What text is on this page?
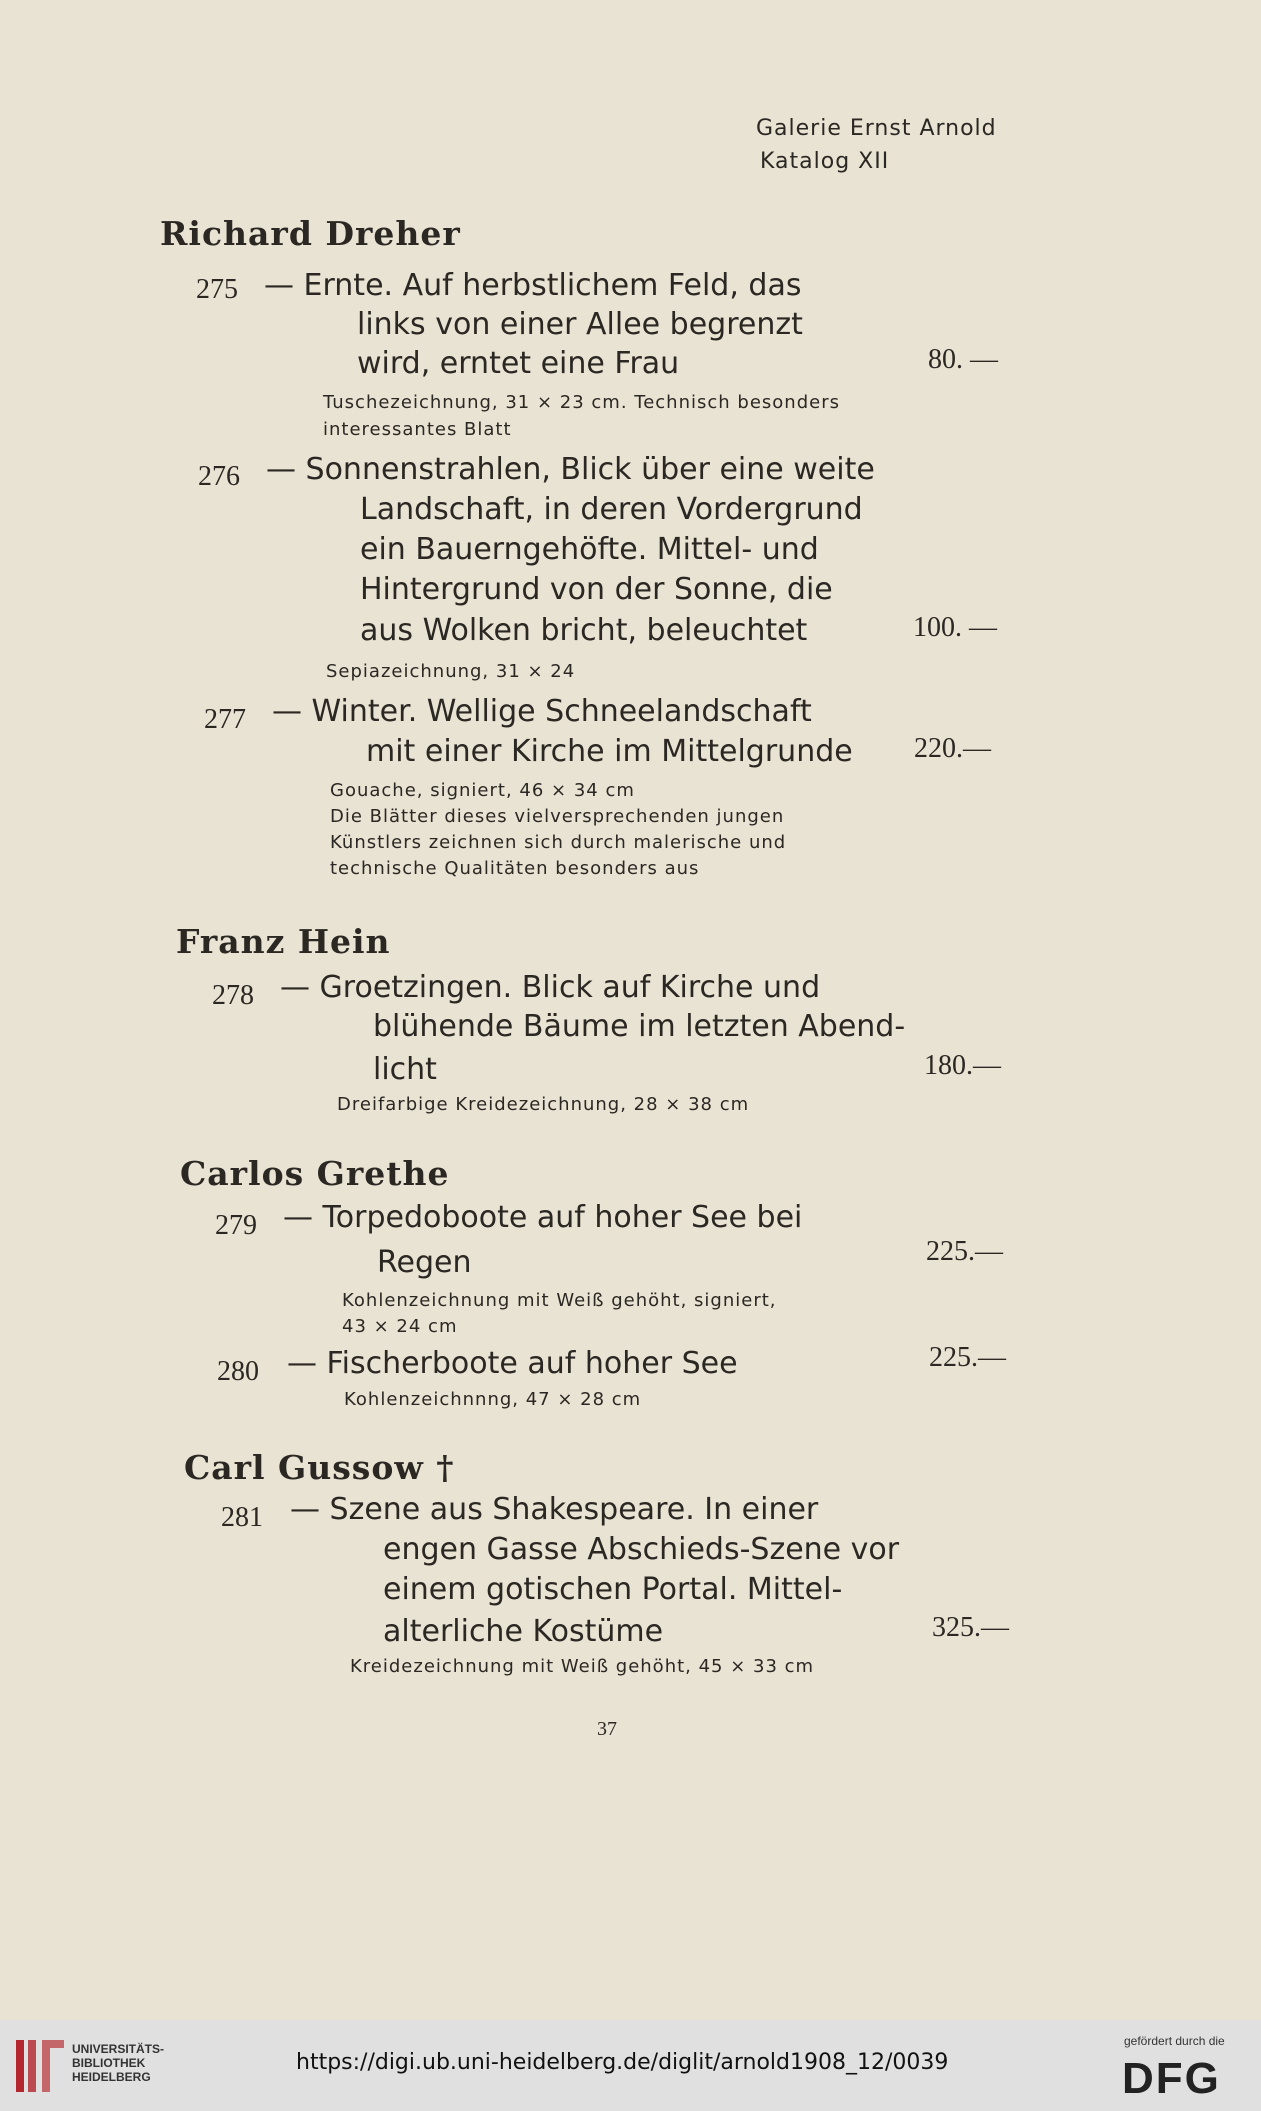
Galerie Ernst Arnold
Katalog XII
Richard Dreher
275 — Ernte. Auf herbstlichem Feld, das
links von einer Allee begrenzt
wird, erntet eine Frau	80. —
Tuschezeichnung, 31 × 23 cm. Technisch besonders
interessantes Blatt
276 — Sonnenstrahlen, Blick über eine weite
Landschaft, in deren Vordergrund
ein Bauerngehöfte. Mittel- und
Hintergrund von der Sonne, die
aus Wolken bricht, beleuchtet	100. —
Sepiazeichnung, 31 × 24
277 — Winter. Wellige Schneelandschaft
mit einer Kirche im Mittelgrunde 220.—
Gouache, signiert, 46 × 34 cm
Die Blätter dieses vielversprechenden jungen
Künstlers zeichnen sich durch malerische und
technische Qualitäten besonders aus
Franz Hein
278 — Groetzingen. Blick auf Kirche und
blühende Bäume im letzten Abend-
licht	180.—
Dreifarbige Kreidezeichnung, 28 × 38 cm
Carlos Grethe
279 — Torpedoboote auf hoher See bei
Regen	225.—
Kohlenzeichnung mit Weiß gehöht, signiert,
43 × 24 cm
280 — Fischerboote auf hoher See	225.—
Kohlenzeichnnng, 47 × 28 cm
Carl Gussow †
281 — Szene aus Shakespeare. In einer
engen Gasse Abschieds-Szene vor
einem gotischen Portal. Mittel-
alterliche Kostüme	325.—
Kreidezeichnung mit Weiß gehöht, 45 × 33 cm
37
UNIVERSITÄTS-
BIBLIOTHEK
HEIDELBERG
https://digi.ub.uni-heidelberg.de/diglit/arnold1908_12/0039
gefördert durch die
DFG
